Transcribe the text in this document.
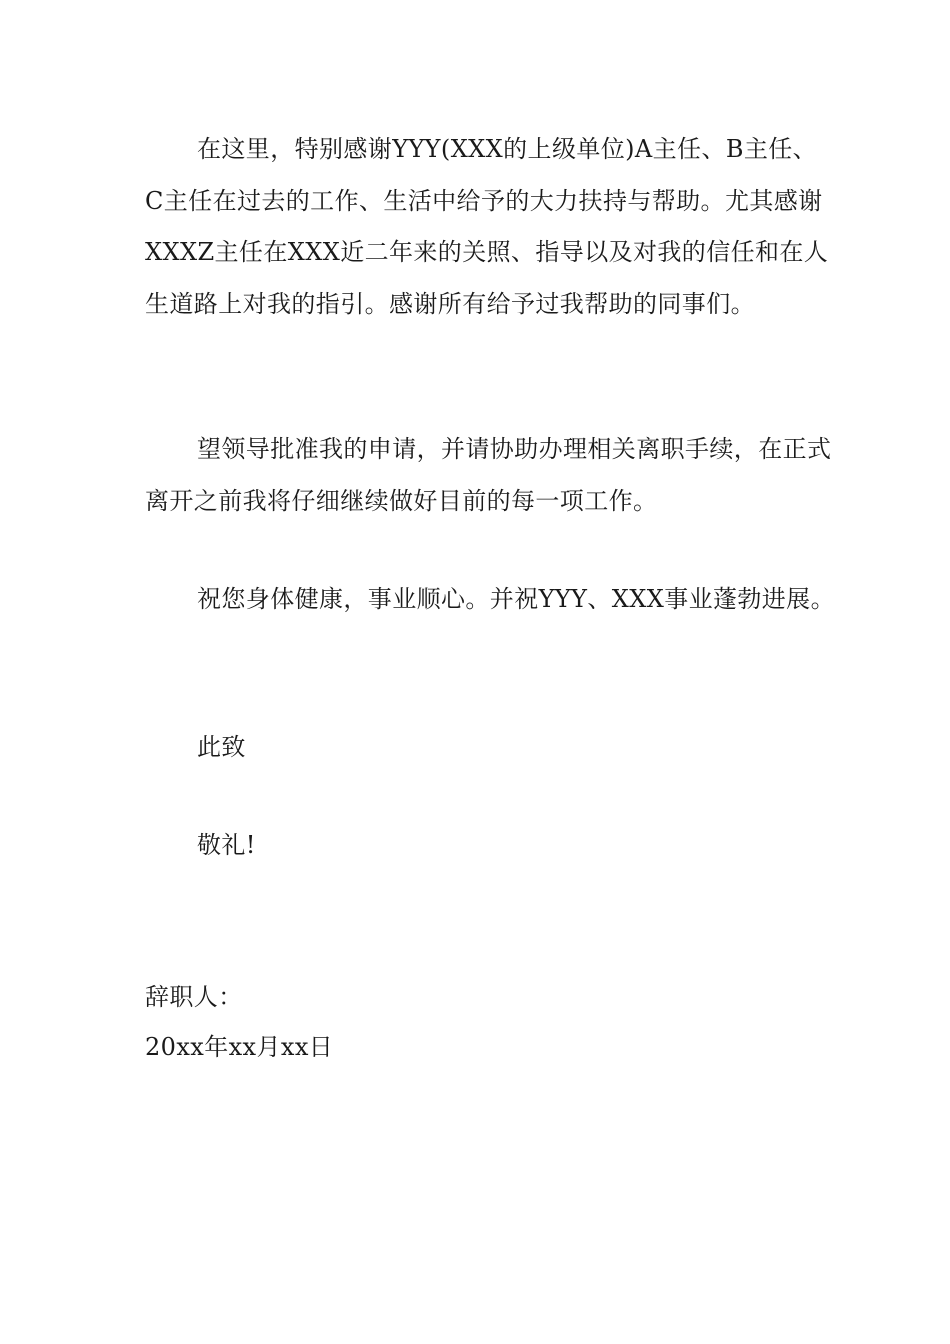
在这里，特别感谢YYY(XXX的上级单位)A主任、B主任、C主任在过去的工作、生活中给予的大力扶持与帮助。尤其感谢XXXZ主任在XXX近二年来的关照、指导以及对我的信任和在人生道路上对我的指引。感谢所有给予过我帮助的同事们。
望领导批准我的申请，并请协助办理相关离职手续，在正式离开之前我将仔细继续做好目前的每一项工作。
祝您身体健康，事业顺心。并祝YYY、XXX事业蓬勃进展。
此致
敬礼!
辞职人：
20xx年xx月xx日
